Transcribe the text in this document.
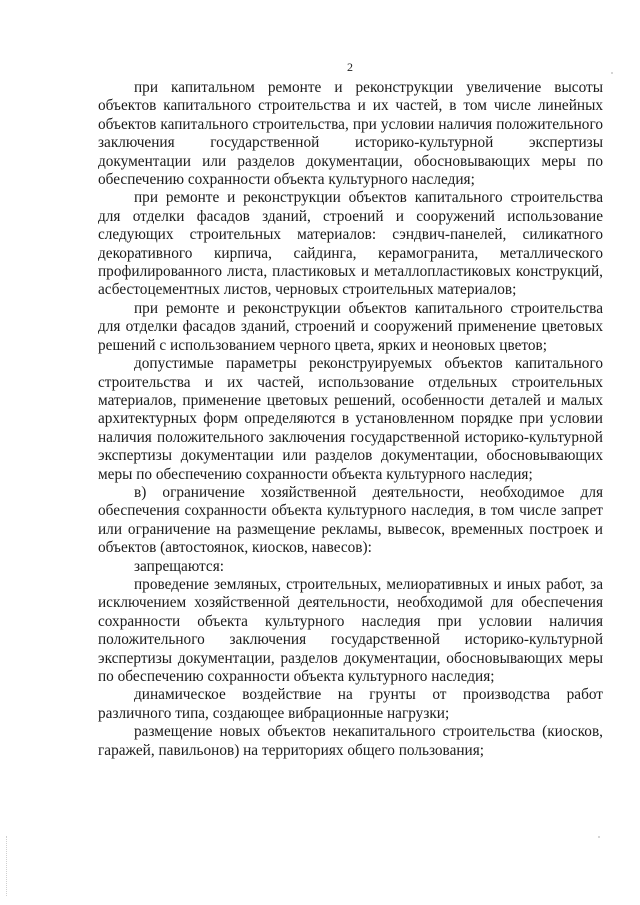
2

при капитальном ремонте и реконструкции увеличение высоты объектов капитального строительства и их частей, в том числе линейных объектов капитального строительства, при условии наличия положительного заключения государственной историко-культурной экспертизы документации или разделов документации, обосновывающих меры по обеспечению сохранности объекта культурного наследия;

при ремонте и реконструкции объектов капитального строительства для отделки фасадов зданий, строений и сооружений использование следующих строительных материалов: сэндвич-панелей, силикатного декоративного кирпича, сайдинга, керамогранита, металлического профилированного листа, пластиковых и металлопластиковых конструкций, асбестоцементных листов, черновых строительных материалов;

при ремонте и реконструкции объектов капитального строительства для отделки фасадов зданий, строений и сооружений применение цветовых решений с использованием черного цвета, ярких и неоновых цветов;

допустимые параметры реконструируемых объектов капитального строительства и их частей, использование отдельных строительных материалов, применение цветовых решений, особенности деталей и малых архитектурных форм определяются в установленном порядке при условии наличия положительного заключения государственной историко-культурной экспертизы документации или разделов документации, обосновывающих меры по обеспечению сохранности объекта культурного наследия;

в) ограничение хозяйственной деятельности, необходимое для обеспечения сохранности объекта культурного наследия, в том числе запрет или ограничение на размещение рекламы, вывесок, временных построек и объектов (автостоянок, киосков, навесов):

запрещаются:

проведение земляных, строительных, мелиоративных и иных работ, за исключением хозяйственной деятельности, необходимой для обеспечения сохранности объекта культурного наследия при условии наличия положительного заключения государственной историко-культурной экспертизы документации, разделов документации, обосновывающих меры по обеспечению сохранности объекта культурного наследия;

динамическое воздействие на грунты от производства работ различного типа, создающее вибрационные нагрузки;

размещение новых объектов некапитального строительства (киосков, гаражей, павильонов) на территориях общего пользования;
